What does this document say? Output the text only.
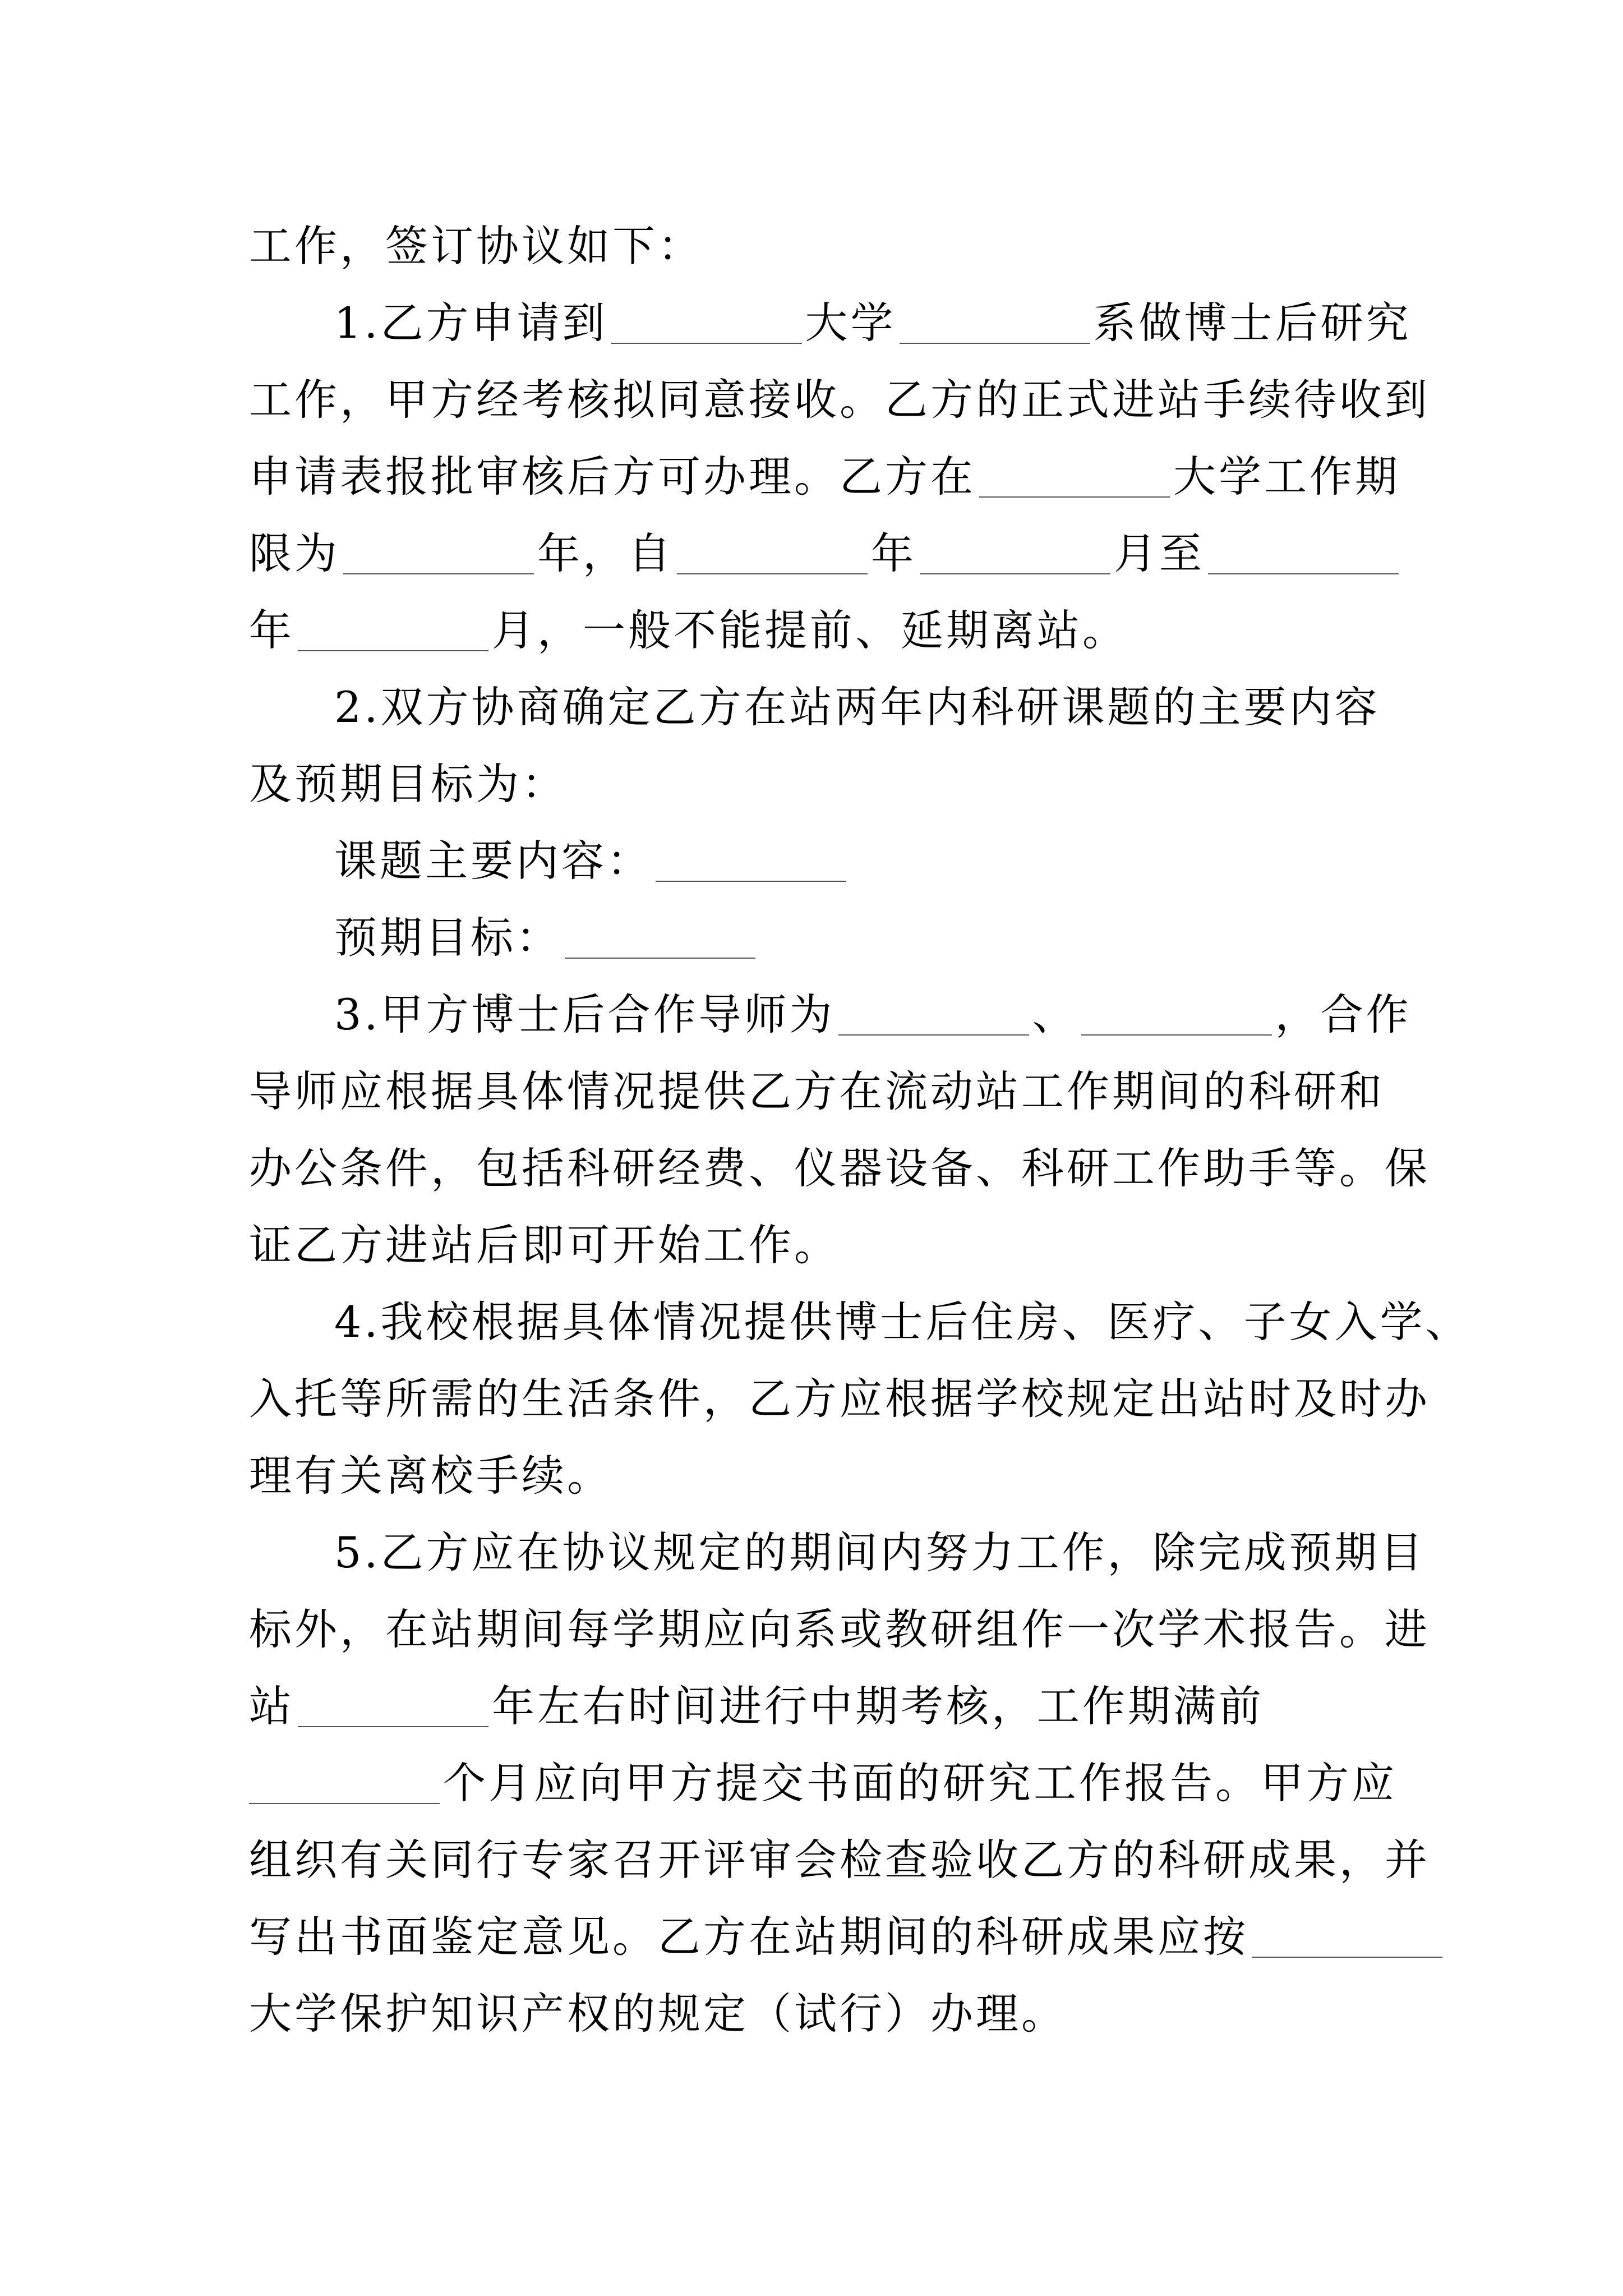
工作，签订协议如下：
1.乙方申请到	大学	系做博士后研究
工作，甲方经考核拟同意接收。乙方的正式进站手续待收到
申请表报批审核后方可办理。乙方在	大学工作期
限为	年，自	年	月至
年	月，一般不能提前、延期离站。
2.双方协商确定乙方在站两年内科研课题的主要内容
及预期目标为：
课题主要内容：
预期目标：
3.甲方博士后合作导师为	、	，合作
导师应根据具体情况提供乙方在流动站工作期间的科研和
办公条件，包括科研经费、仪器设备、科研工作助手等。保
证乙方进站后即可开始工作。
4.我校根据具体情况提供博士后住房、医疗、子女入学、
入托等所需的生活条件，乙方应根据学校规定出站时及时办
理有关离校手续。
5.乙方应在协议规定的期间内努力工作，除完成预期目
标外，在站期间每学期应向系或教研组作一次学术报告。进
站	年左右时间进行中期考核，工作期满前
个月应向甲方提交书面的研究工作报告。甲方应
组织有关同行专家召开评审会检查验收乙方的科研成果，并
写出书面鉴定意见。乙方在站期间的科研成果应按
大学保护知识产权的规定（试行）办理。
